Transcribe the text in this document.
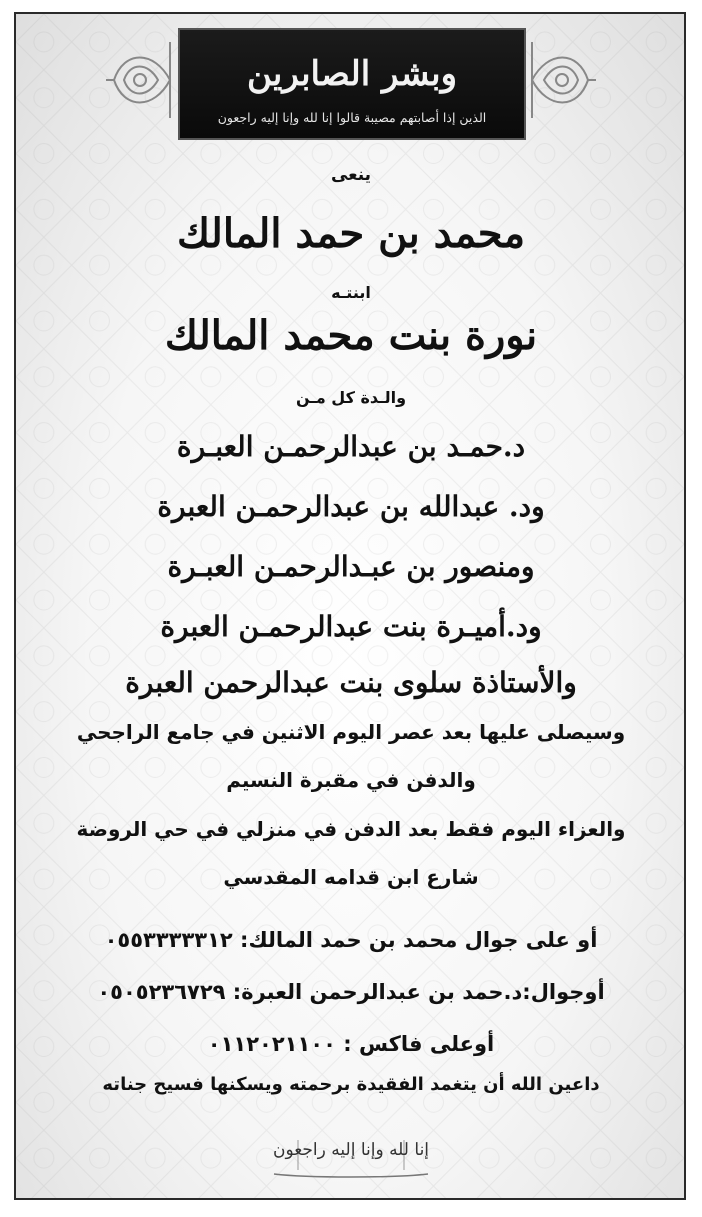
وبشر الصابرين
الذين إذا أصابتهم مصيبة قالوا إنا لله وإنا إليه راجعون
ينعى
محمد بن حمد المالك
ابنتـه
نورة بنت محمد المالك
والـدة كل مـن
د.حمـد بن عبدالرحمـن العبـرة
ود. عبدالله بن عبدالرحمـن العبرة
ومنصور بن عبـدالرحمـن العبـرة
ود.أميـرة بنت عبدالرحمـن العبرة
والأستاذة سلوى بنت عبدالرحمن العبرة
وسيصلى عليها بعد عصر اليوم الاثنين في جامع الراجحي
والدفن في مقبرة النسيم
والعزاء اليوم فقط بعد الدفن في منزلي في حي الروضة
شارع ابن قدامه المقدسي
أو على جوال محمد بن حمد المالك: ٠٥٥٣٣٣٣٣١٢
أوجوال:د.حمد بن عبدالرحمن العبرة: ٠٥٠٥٢٣٦٧٢٩
أوعلى فاكس : ٠١١٢٠٢١١٠٠
داعين الله أن يتغمد الفقيدة برحمته ويسكنها فسيح جناته
إنا لله وإنا إليه راجعون
